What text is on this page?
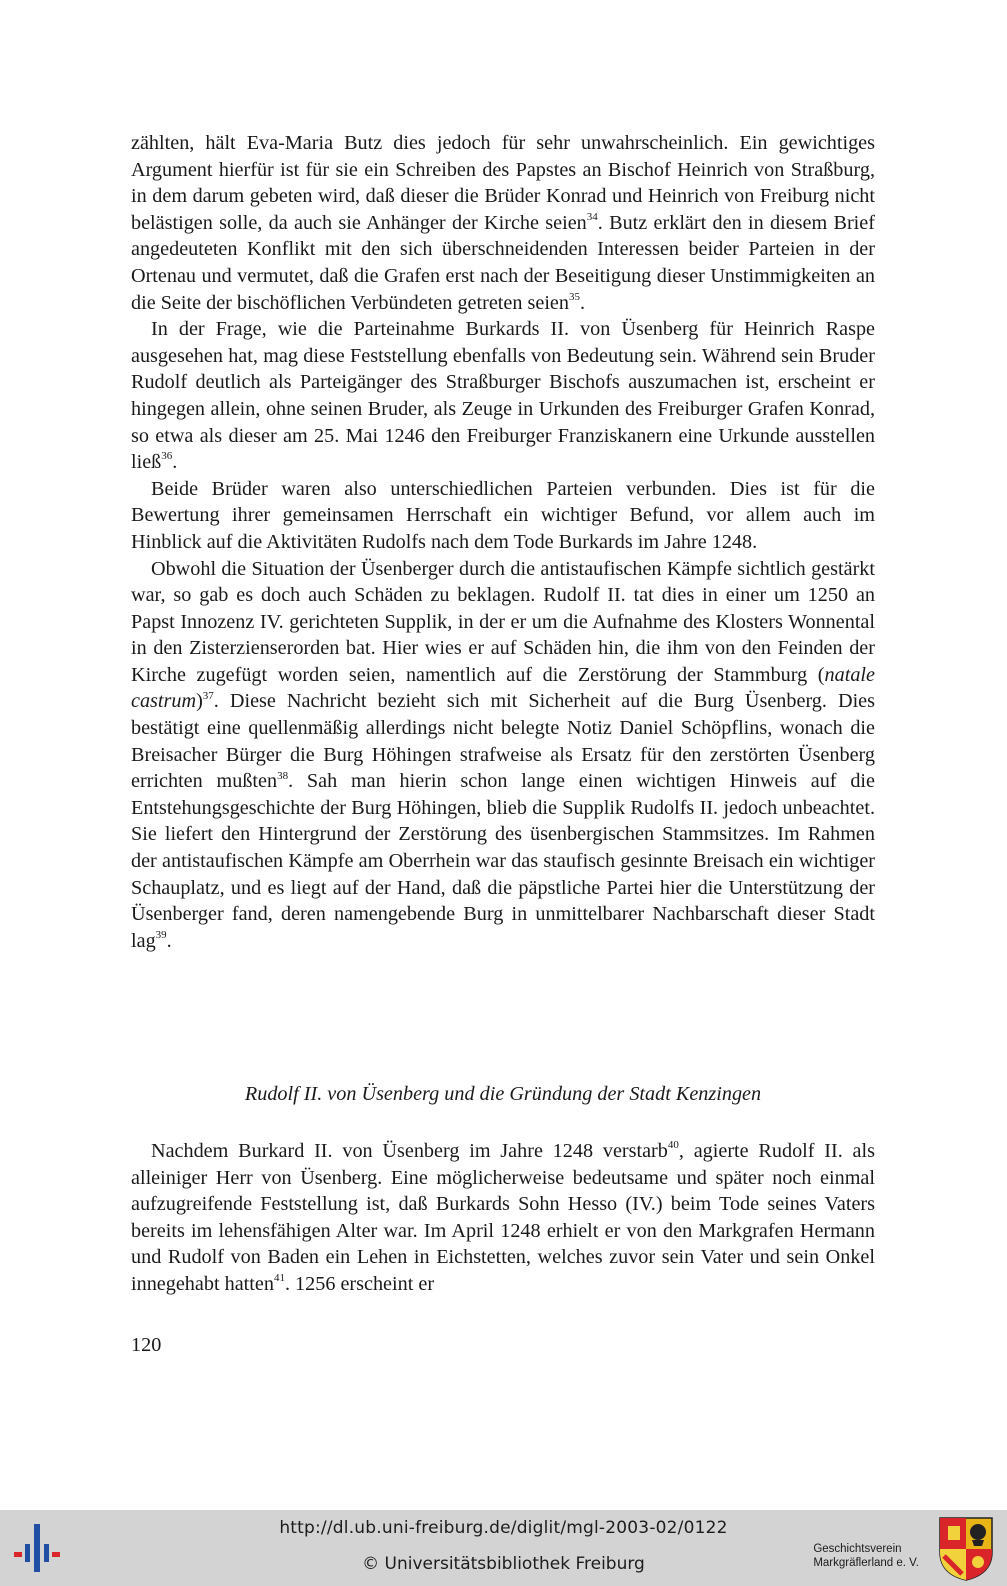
zählten, hält Eva-Maria Butz dies jedoch für sehr unwahrscheinlich. Ein gewichtiges Argument hierfür ist für sie ein Schreiben des Papstes an Bischof Heinrich von Straßburg, in dem darum gebeten wird, daß dieser die Brüder Konrad und Heinrich von Freiburg nicht belästigen solle, da auch sie Anhänger der Kirche seien$^{34}$. Butz erklärt den in diesem Brief angedeuteten Konflikt mit den sich überschneidenden Interessen beider Parteien in der Ortenau und vermutet, daß die Grafen erst nach der Beseitigung dieser Unstimmigkeiten an die Seite der bischöflichen Verbündeten getreten seien$^{35}$.

In der Frage, wie die Parteinahme Burkards II. von Üsenberg für Heinrich Raspe ausgesehen hat, mag diese Feststellung ebenfalls von Bedeutung sein. Während sein Bruder Rudolf deutlich als Parteigänger des Straßburger Bischofs auszumachen ist, erscheint er hingegen allein, ohne seinen Bruder, als Zeuge in Urkunden des Freiburger Grafen Konrad, so etwa als dieser am 25. Mai 1246 den Freiburger Franziskanern eine Urkunde ausstellen ließ$^{36}$.

Beide Brüder waren also unterschiedlichen Parteien verbunden. Dies ist für die Bewertung ihrer gemeinsamen Herrschaft ein wichtiger Befund, vor allem auch im Hinblick auf die Aktivitäten Rudolfs nach dem Tode Burkards im Jahre 1248.

Obwohl die Situation der Üsenberger durch die antistaufischen Kämpfe sichtlich gestärkt war, so gab es doch auch Schäden zu beklagen. Rudolf II. tat dies in einer um 1250 an Papst Innozenz IV. gerichteten Supplik, in der er um die Aufnahme des Klosters Wonnental in den Zisterzienserorden bat. Hier wies er auf Schäden hin, die ihm von den Feinden der Kirche zugefügt worden seien, namentlich auf die Zerstörung der Stammburg (natale castrum)$^{37}$. Diese Nachricht bezieht sich mit Sicherheit auf die Burg Üsenberg. Dies bestätigt eine quellenmäßig allerdings nicht belegte Notiz Daniel Schöpflins, wonach die Breisacher Bürger die Burg Höhingen strafweise als Ersatz für den zerstörten Üsenberg errichten mußten$^{38}$. Sah man hierin schon lange einen wichtigen Hinweis auf die Entstehungsgeschichte der Burg Höhingen, blieb die Supplik Rudolfs II. jedoch unbeachtet. Sie liefert den Hintergrund der Zerstörung des üsenbergischen Stammsitzes. Im Rahmen der antistaufischen Kämpfe am Oberrhein war das staufisch gesinnte Breisach ein wichtiger Schauplatz, und es liegt auf der Hand, daß die päpstliche Partei hier die Unterstützung der Üsenberger fand, deren namengebende Burg in unmittelbarer Nachbarschaft dieser Stadt lag$^{39}$.

Rudolf II. von Üsenberg und die Gründung der Stadt Kenzingen

Nachdem Burkard II. von Üsenberg im Jahre 1248 verstarb$^{40}$, agierte Rudolf II. als alleiniger Herr von Üsenberg. Eine möglicherweise bedeutsame und später noch einmal aufzugreifende Feststellung ist, daß Burkards Sohn Hesso (IV.) beim Tode seines Vaters bereits im lehensfähigen Alter war. Im April 1248 erhielt er von den Markgrafen Hermann und Rudolf von Baden ein Lehen in Eichstetten, welches zuvor sein Vater und sein Onkel innegehabt hatten$^{41}$. 1256 erscheint er

120
http://dl.ub.uni-freiburg.de/diglit/mgl-2003-02/0122
© Universitätsbibliothek Freiburg
Geschichtsverein
Markgräflerland e. V.
